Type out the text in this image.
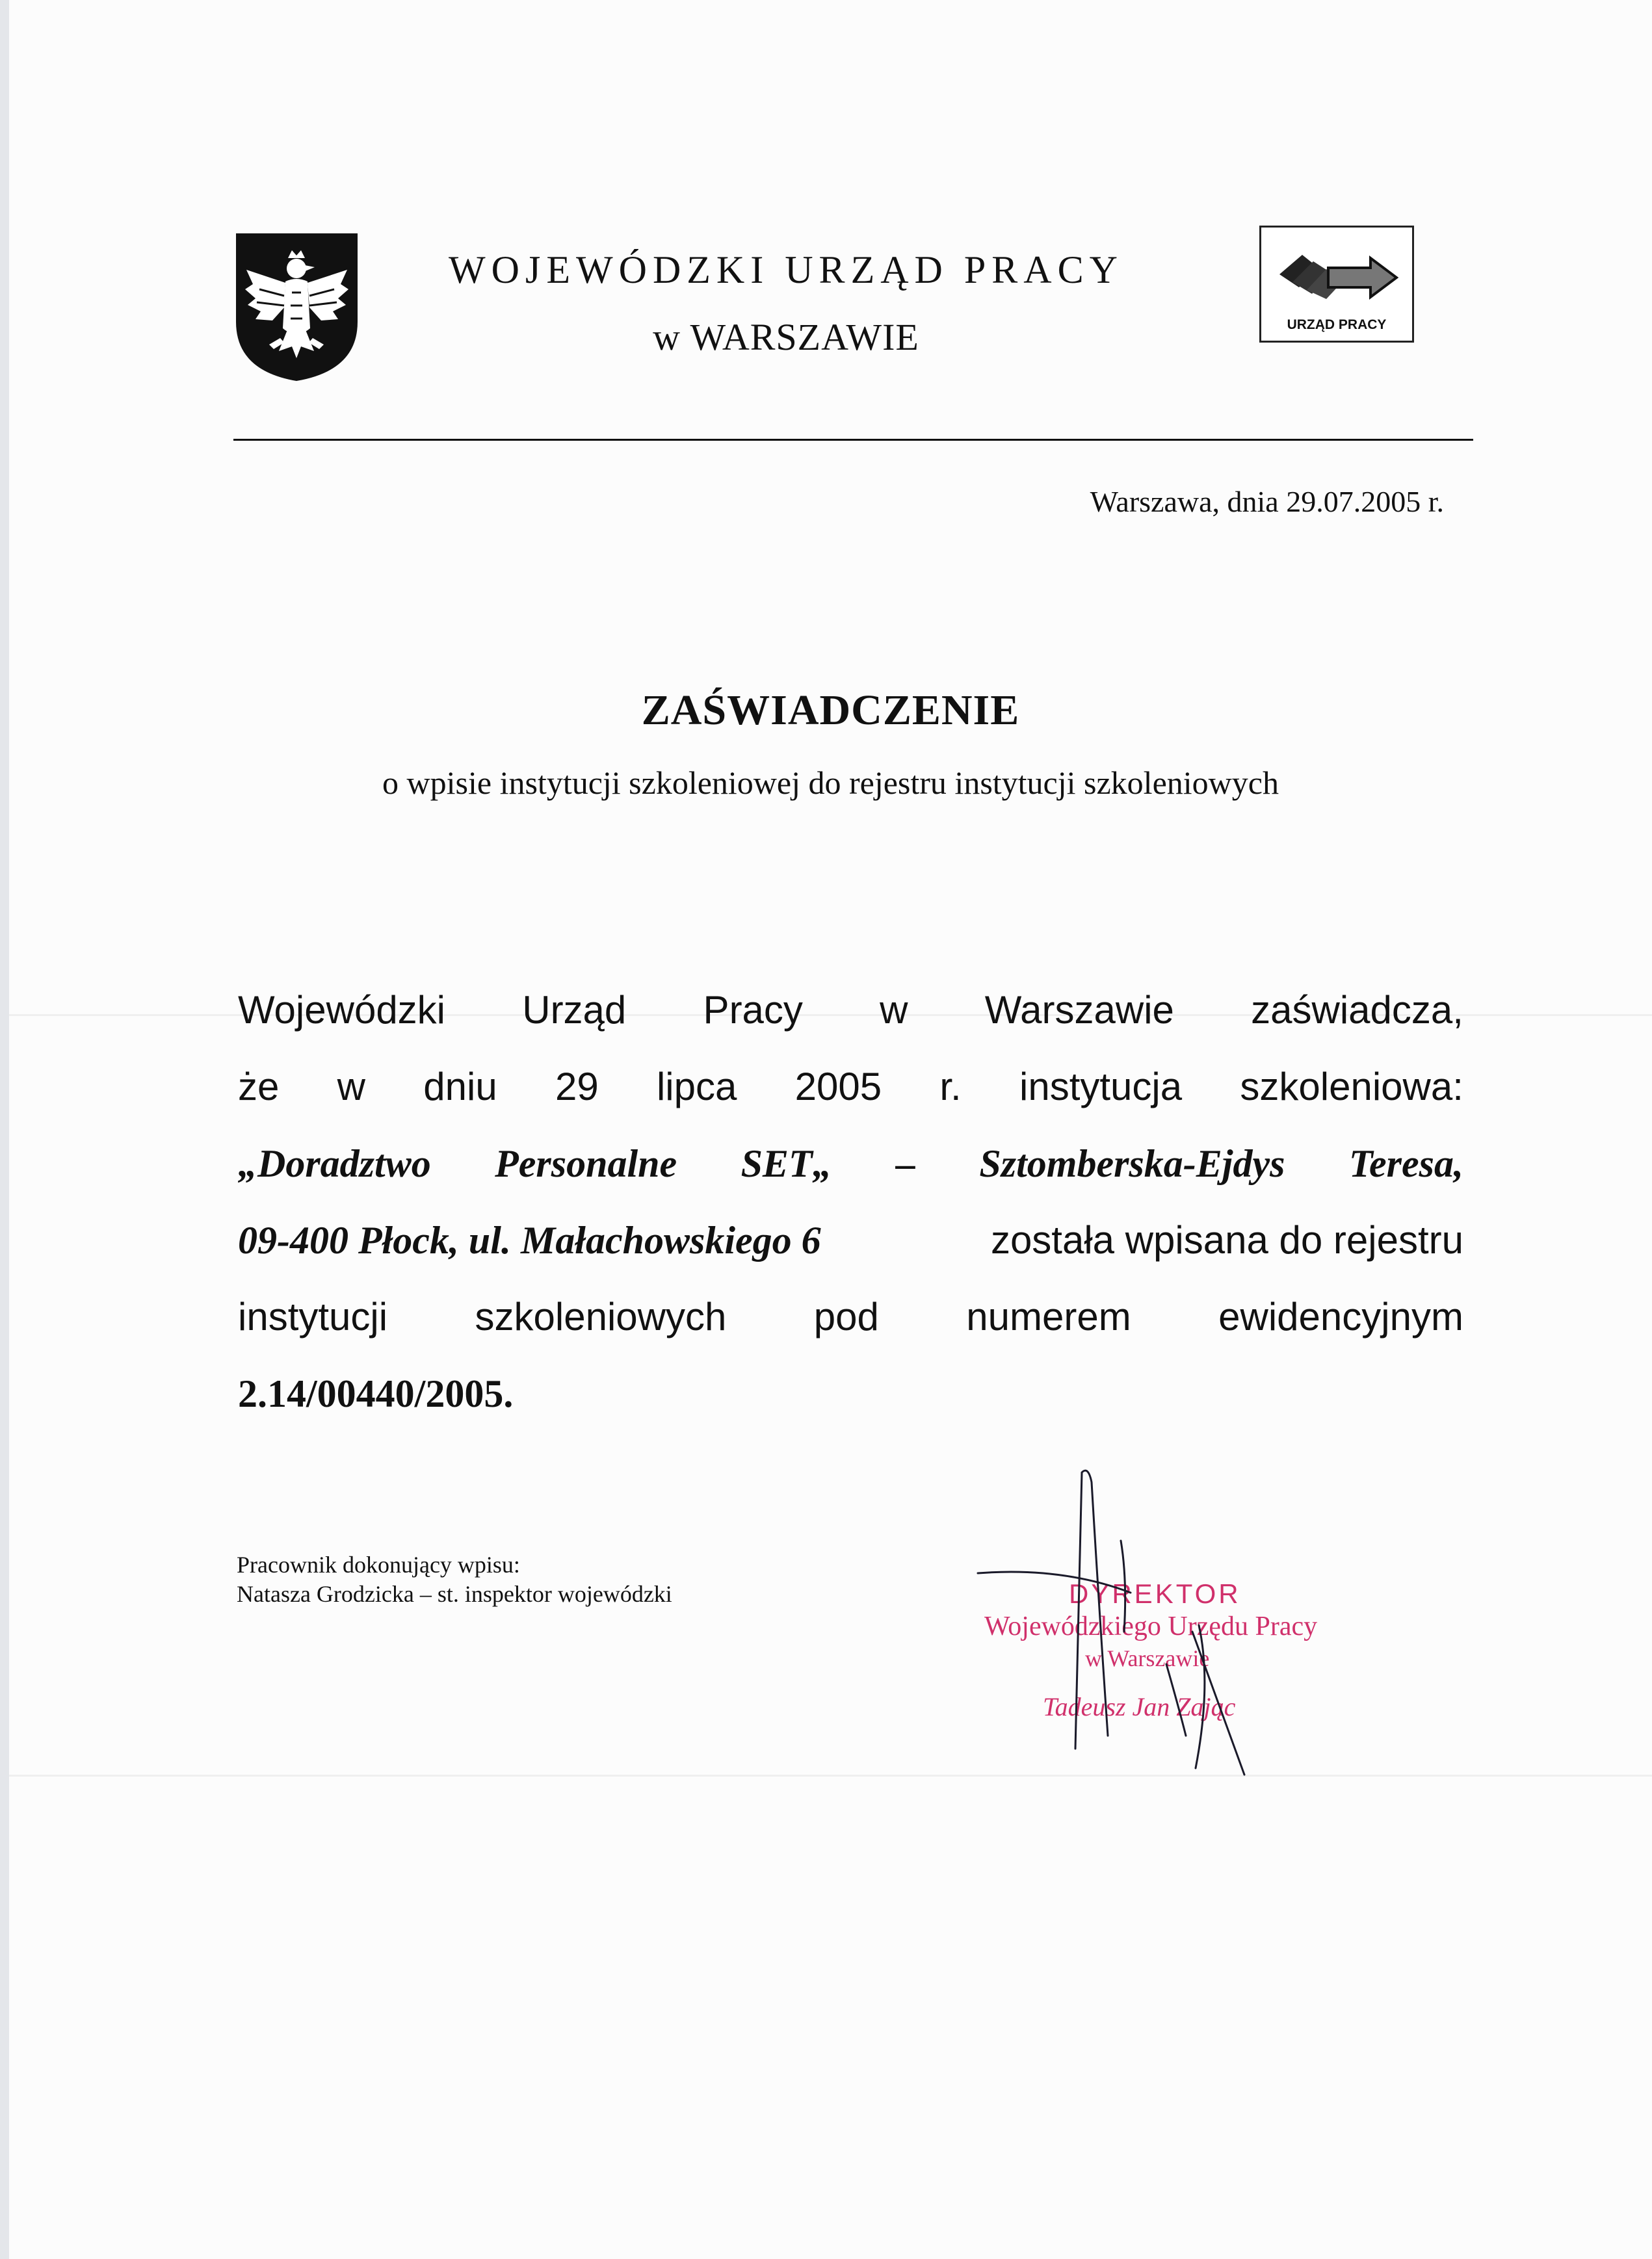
WOJEWÓDZKI URZĄD PRACY
w WARSZAWIE	URZĄD PRACY
Warszawa, dnia 29.07.2005 r.
ZAŚWIADCZENIE
o wpisie instytucji szkoleniowej do rejestru instytucji szkoleniowych
Wojewódzki Urząd Pracy w Warszawie zaświadcza,
że w dniu 29 lipca 2005 r. instytucja szkoleniowa:
„Doradztwo Personalne SET„ – Sztomberska-Ejdys Teresa,
09-400 Płock, ul. Małachowskiego 6	została wpisana do rejestru
instytucji szkoleniowych pod numerem ewidencyjnym
2.14/00440/2005.
Pracownik dokonujący wpisu:
Natasza Grodzicka – st. inspektor wojewódzki	DYREKTOR
Wojewódzkiego Urzędu Pracy
w Warszawie
Tadeusz Jan Zając
